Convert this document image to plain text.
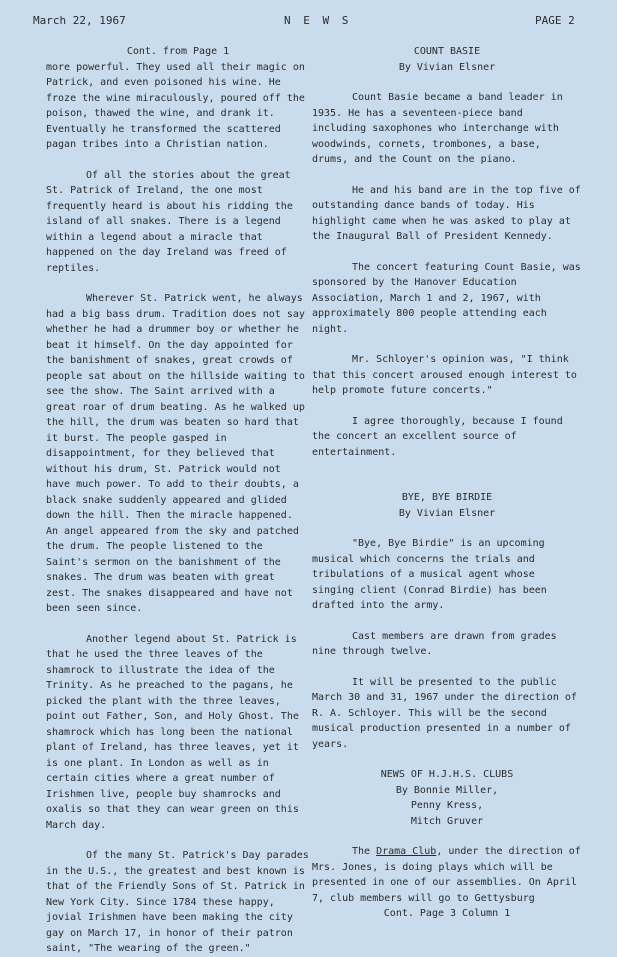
March 22, 1967	N E W S	PAGE 2

Cont. from Page 1

more powerful. They used all their magic on Patrick, and even poisoned his wine. He froze the wine miraculously, poured off the poison, thawed the wine, and drank it. Eventually he transformed the scattered pagan tribes into a Christian nation.

Of all the stories about the great St. Patrick of Ireland, the one most frequently heard is about his ridding the island of all snakes. There is a legend within a legend about a miracle that happened on the day Ireland was freed of reptiles.

Wherever St. Patrick went, he always had a big bass drum. Tradition does not say whether he had a drummer boy or whether he beat it himself. On the day appointed for the banishment of snakes, great crowds of people sat about on the hillside waiting to see the show. The Saint arrived with a great roar of drum beating. As he walked up the hill, the drum was beaten so hard that it burst. The people gasped in disappointment, for they believed that without his drum, St. Patrick would not have much power. To add to their doubts, a black snake suddenly appeared and glided down the hill. Then the miracle happened. An angel appeared from the sky and patched the drum. The people listened to the Saint's sermon on the banishment of the snakes. The drum was beaten with great zest. The snakes disappeared and have not been seen since.

Another legend about St. Patrick is that he used the three leaves of the shamrock to illustrate the idea of the Trinity. As he preached to the pagans, he picked the plant with the three leaves, point out Father, Son, and Holy Ghost. The shamrock which has long been the national plant of Ireland, has three leaves, yet it is one plant. In London as well as in certain cities where a great number of Irishmen live, people buy shamrocks and oxalis so that they can wear green on this March day.

Of the many St. Patrick's Day parades in the U.S., the greatest and best known is that of the Friendly Sons of St. Patrick in New York City. Since 1784 these happy, jovial Irishmen have been making the city gay on March 17, in honor of their patron saint, "The wearing of the green."

COUNT BASIE

By Vivian Elsner

Count Basie became a band leader in 1935. He has a seventeen-piece band including saxophones who interchange with woodwinds, cornets, trombones, a base, drums, and the Count on the piano.

He and his band are in the top five of outstanding dance bands of today. His highlight came when he was asked to play at the Inaugural Ball of President Kennedy.

The concert featuring Count Basie, was sponsored by the Hanover Education Association, March 1 and 2, 1967, with approximately 800 people attending each night.

Mr. Schloyer's opinion was, "I think that this concert aroused enough interest to help promote future concerts."

I agree thoroughly, because I found the concert an excellent source of entertainment.

BYE, BYE BIRDIE

By Vivian Elsner

"Bye, Bye Birdie" is an upcoming musical which concerns the trials and tribulations of a musical agent whose singing client (Conrad Birdie) has been drafted into the army.

Cast members are drawn from grades nine through twelve.

It will be presented to the public March 30 and 31, 1967 under the direction of R. A. Schloyer. This will be the second musical production presented in a number of years.

NEWS OF H.J.H.S. CLUBS

By Bonnie Miller,

Penny Kress,

Mitch Gruver

The Drama Club, under the direction of Mrs. Jones, is doing plays which will be presented in one of our assemblies. On April 7, club members will go to Gettysburg

Cont. Page 3 Column 1
